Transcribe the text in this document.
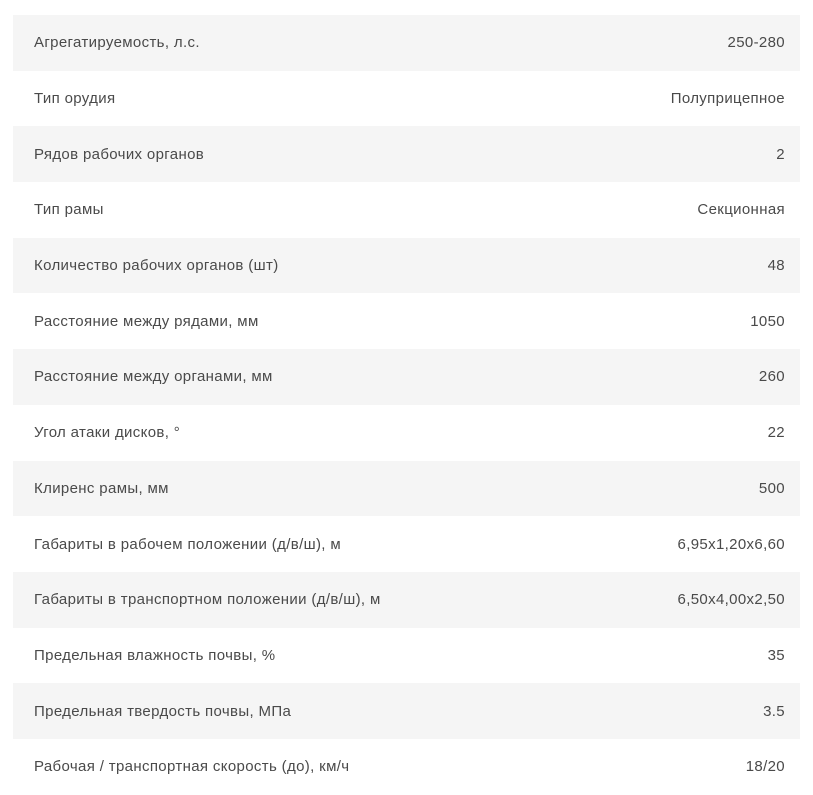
Агрегатируемость, л.с.	250-280
Тип орудия	Полуприцепное
Рядов рабочих органов	2
Тип рамы	Секционная
Количество рабочих органов (шт)	48
Расстояние между рядами, мм	1050
Расстояние между органами, мм	260
Угол атаки дисков, °	22
Клиренс рамы, мм	500
Габариты в рабочем положении (д/в/ш), м	6,95х1,20х6,60
Габариты в транспортном положении (д/в/ш), м	6,50х4,00х2,50
Предельная влажность почвы, %	35
Предельная твердость почвы, МПа	3.5
Рабочая / транспортная скорость (до), км/ч	18/20
